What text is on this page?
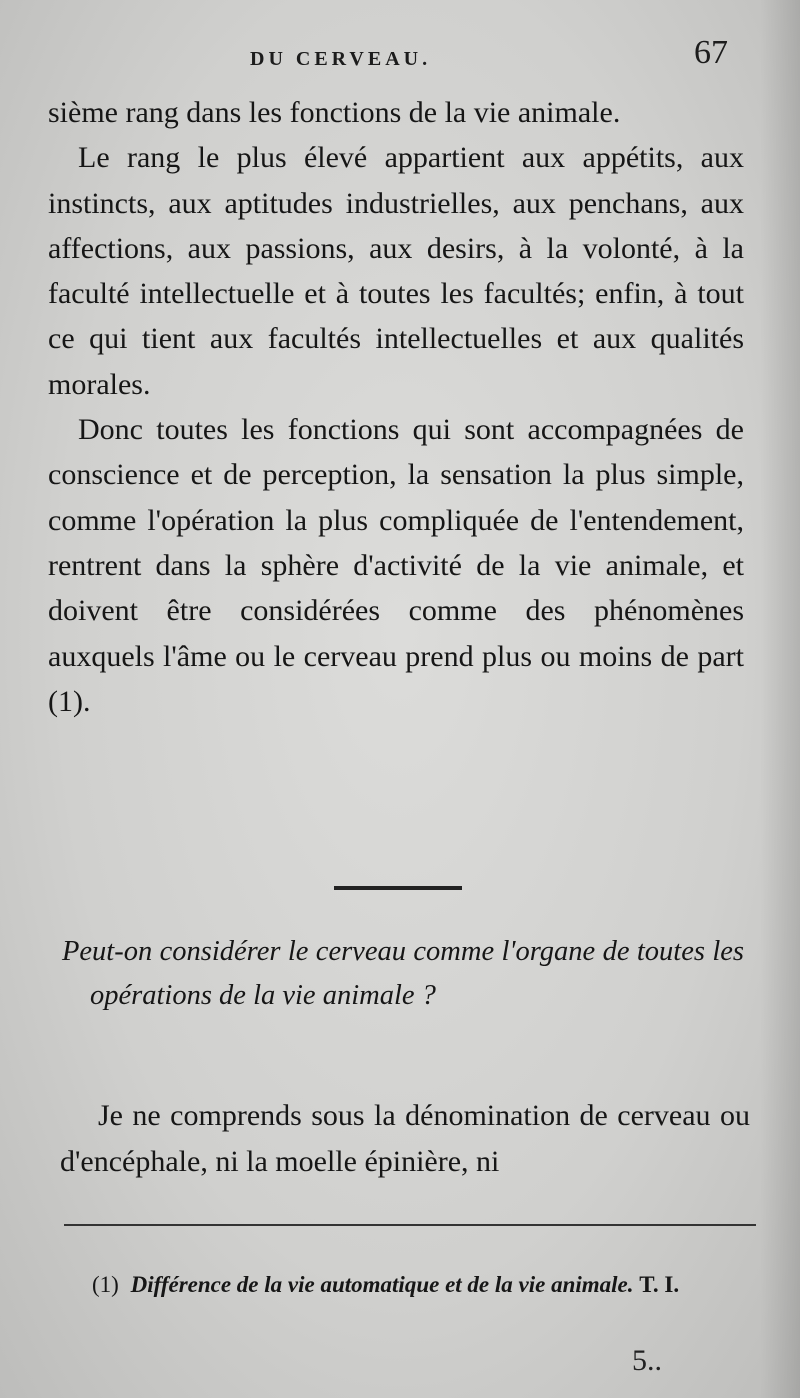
DU CERVEAU.	67

sième rang dans les fonctions de la vie animale.

Le rang le plus élevé appartient aux appétits, aux instincts, aux aptitudes industrielles, aux penchans, aux affections, aux passions, aux desirs, à la volonté, à la faculté intellectuelle et à toutes les facultés; enfin, à tout ce qui tient aux facultés intellectuelles et aux qualités morales.

Donc toutes les fonctions qui sont accompagnées de conscience et de perception, la sensation la plus simple, comme l'opération la plus compliquée de l'entendement, rentrent dans la sphère d'activité de la vie animale, et doivent être considérées comme des phénomènes auxquels l'âme ou le cerveau prend plus ou moins de part (1).

Peut-on considérer le cerveau comme l'organe de toutes les opérations de la vie animale ?

Je ne comprends sous la dénomination de cerveau ou d'encéphale, ni la moelle épinière, ni

(1) Différence de la vie automatique et de la vie animale. T. I.
5..
